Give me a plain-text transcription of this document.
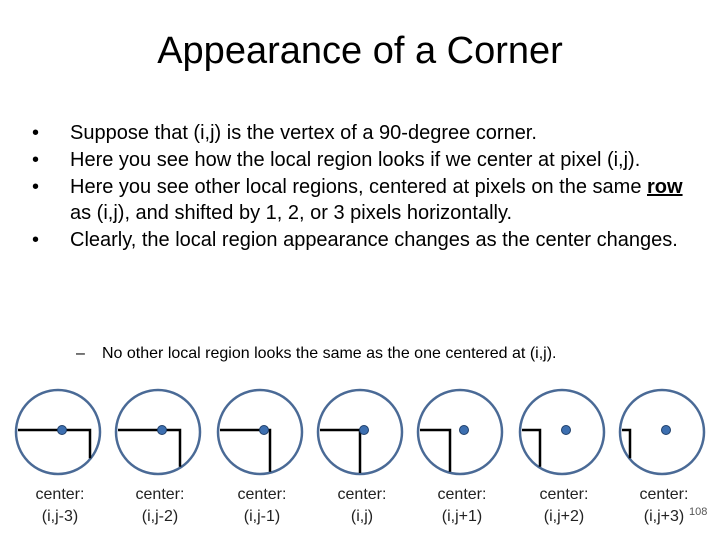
Appearance of a Corner
•	Suppose that (i,j) is the vertex of a 90-degree corner.
•	Here you see how the local region looks if we center at pixel (i,j).
•	Here you see other local regions, centered at pixels on the same row as (i,j), and shifted by 1, 2, or 3 pixels horizontally.
•	Clearly, the local region appearance changes as the center changes.
– No other local region looks the same as the one centered at (i,j).
center:
(i,j-3)
center:
(i,j-2)
center:
(i,j-1)
center:
(i,j)
center:
(i,j+1)
center:
(i,j+2)
center:
(i,j+3) 108
